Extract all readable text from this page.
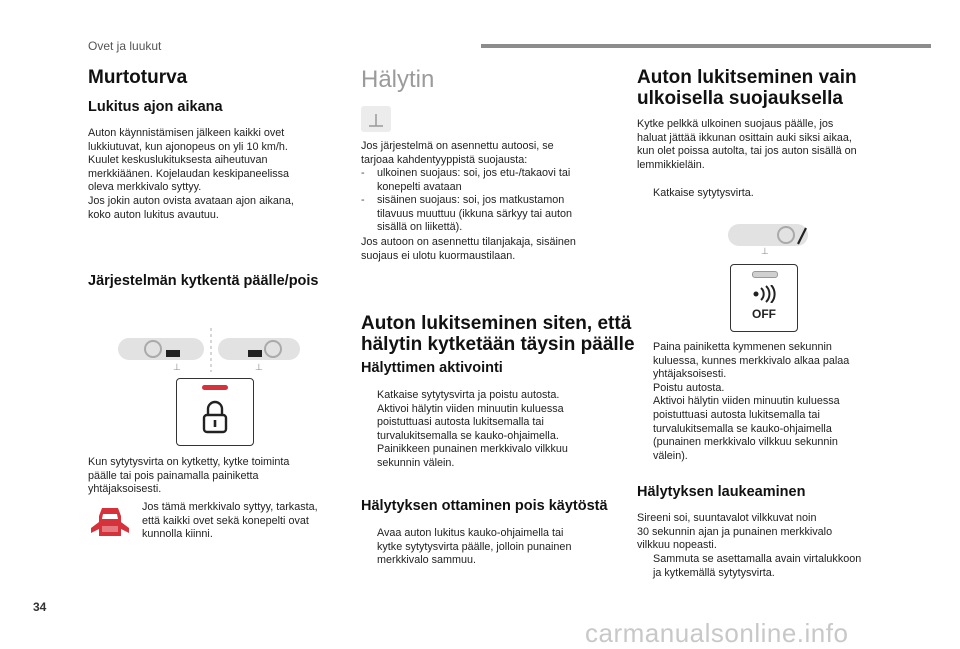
Ovet ja luukut
Murtoturva
Lukitus ajon aikana

Auton käynnistämisen jälkeen kaikki ovet
lukkiutuvat, kun ajonopeus on yli 10 km/h.
Kuulet keskuslukituksesta aiheutuvan
merkkiäänen. Kojelaudan keskipaneelissa
oleva merkkivalo syttyy.
Jos jokin auton ovista avataan ajon aikana,
koko auton lukitus avautuu.

Järjestelmän kytkentä päälle/pois
⊥	⊥

Kun sytytysvirta on kytketty, kytke toiminta
päälle tai pois painamalla painiketta
yhtäjaksoisesti.

Jos tämä merkkivalo syttyy, tarkasta,
että kaikki ovet sekä konepelti ovat
kunnolla kiinni.

Hälytin

Jos järjestelmä on asennettu autoosi, se
tarjoaa kahdentyyppistä suojausta:

-	ulkoinen suojaus: soi, jos etu-/takaovi tai
konepelti avataan

-	sisäinen suojaus: soi, jos matkustamon
tilavuus muuttuu (ikkuna särkyy tai auton
sisällä on liikettä).

Jos autoon on asennettu tilanjakaja, sisäinen
suojaus ei ulotu kuormaustilaan.

Auton lukitseminen siten, että
hälytin kytketään täysin päälle
Hälyttimen aktivointi

Katkaise sytytysvirta ja poistu autosta.

Aktivoi hälytin viiden minuutin kuluessa
poistuttuasi autosta lukitsemalla tai
turvalukitsemalla se kauko-ohjaimella.
Painikkeen punainen merkkivalo vilkkuu
sekunnin välein.

Hälytyksen ottaminen pois käytöstä

Avaa auton lukitus kauko-ohjaimella tai
kytke sytytysvirta päälle, jolloin punainen
merkkivalo sammuu.

Auton lukitseminen vain
ulkoisella suojauksella

Kytke pelkkä ulkoinen suojaus päälle, jos
haluat jättää ikkunan osittain auki siksi aikaa,
kun olet poissa autolta, tai jos auton sisällä on
lemmikkieläin.

Katkaise sytytysvirta.

⊥
OFF

Paina painiketta kymmenen sekunnin
kuluessa, kunnes merkkivalo alkaa palaa
yhtäjaksoisesti.

Poistu autosta.

Aktivoi hälytin viiden minuutin kuluessa
poistuttuasi autosta lukitsemalla tai
turvalukitsemalla se kauko-ohjaimella
(punainen merkkivalo vilkkuu sekunnin
välein).

Hälytyksen laukeaminen

Sireeni soi, suuntavalot vilkkuvat noin
30 sekunnin ajan ja punainen merkkivalo
vilkkuu nopeasti.

Sammuta se asettamalla avain virtalukkoon
ja kytkemällä sytytysvirta.

34
carmanualsonline.info
